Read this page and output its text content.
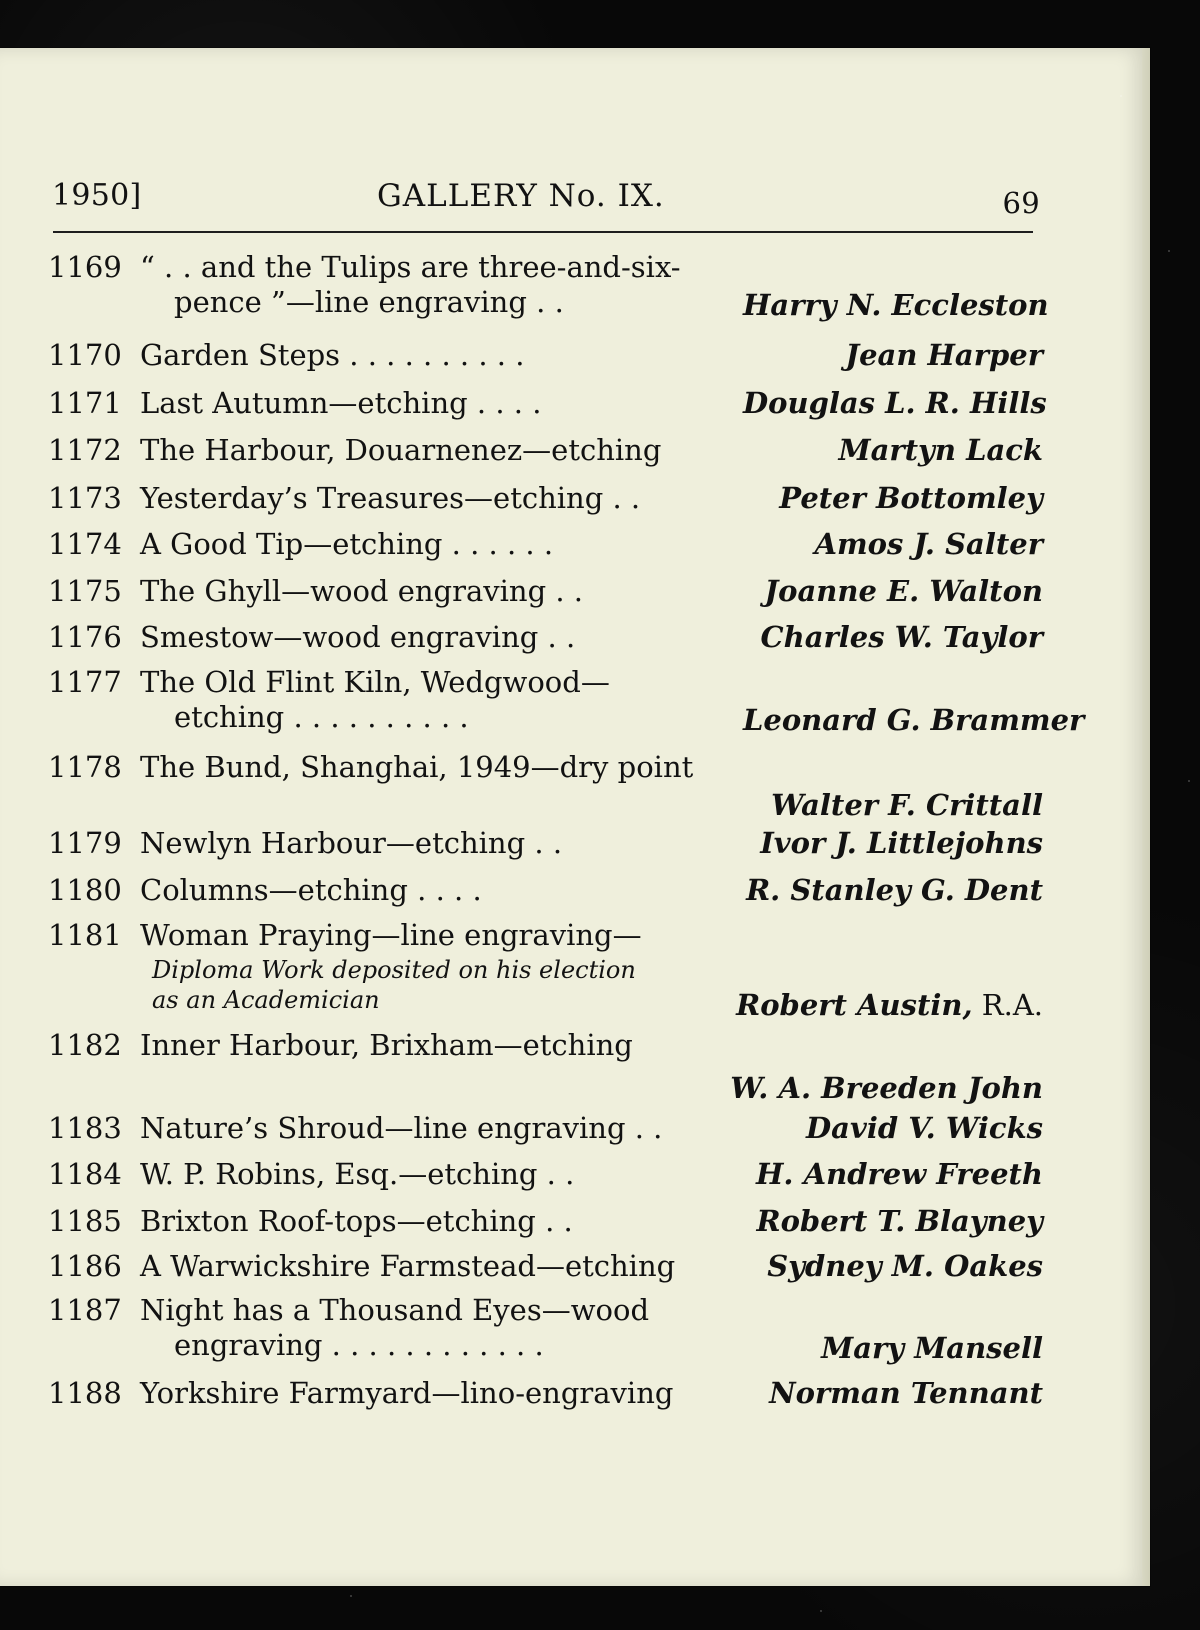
1950]	GALLERY No. IX.	69
1169 “ . . and the Tulips are three-and-six-
pence ”—line engraving . .	Harry N. Eccleston
1170 Garden Steps . . . . . . . . . .	Jean Harper
1171 Last Autumn—etching . . . .	Douglas L. R. Hills
1172 The Harbour, Douarnenez—etching	Martyn Lack
1173 Yesterday’s Treasures—etching . .	Peter Bottomley
1174 A Good Tip—etching . . . . . .	Amos J. Salter
1175 The Ghyll—wood engraving . .	Joanne E. Walton
1176 Smestow—wood engraving . .	Charles W. Taylor
1177 The Old Flint Kiln, Wedgwood—
etching . . . . . . . . . .	Leonard G. Brammer
1178 The Bund, Shanghai, 1949—dry point
Walter F. Crittall
1179 Newlyn Harbour—etching . .	Ivor J. Littlejohns
1180 Columns—etching . . . .	R. Stanley G. Dent
1181 Woman Praying—line engraving—
Diploma Work deposited on his election
as an Academician	Robert Austin, R.A.
1182 Inner Harbour, Brixham—etching
W. A. Breeden John
1183 Nature’s Shroud—line engraving . .	David V. Wicks
1184 W. P. Robins, Esq.—etching . .	H. Andrew Freeth
1185 Brixton Roof-tops—etching . .	Robert T. Blayney
1186 A Warwickshire Farmstead—etching	Sydney M. Oakes
1187 Night has a Thousand Eyes—wood
engraving . . . . . . . . . . . .	Mary Mansell
1188 Yorkshire Farmyard—lino-engraving	Norman Tennant
